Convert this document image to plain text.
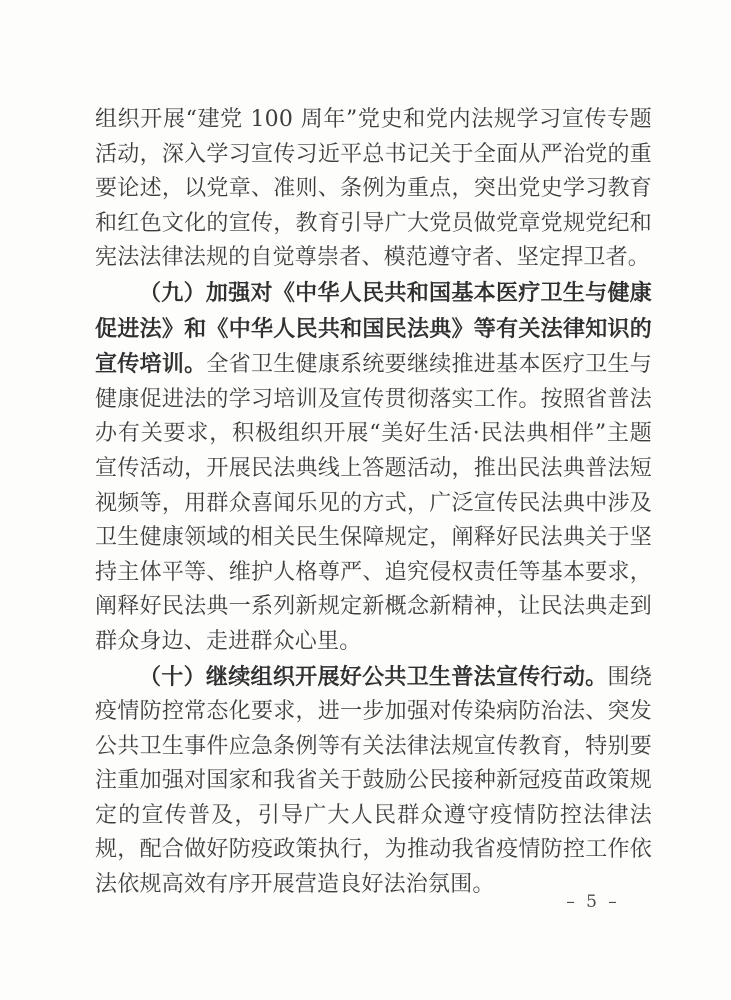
组织开展“建党 100 周年”党史和党内法规学习宣传专题活动，深入学习宣传习近平总书记关于全面从严治党的重要论述，以党章、准则、条例为重点，突出党史学习教育和红色文化的宣传，教育引导广大党员做党章党规党纪和宪法法律法规的自觉尊崇者、模范遵守者、坚定捍卫者。

（九）加强对《中华人民共和国基本医疗卫生与健康促进法》和《中华人民共和国民法典》等有关法律知识的宣传培训。全省卫生健康系统要继续推进基本医疗卫生与健康促进法的学习培训及宣传贯彻落实工作。按照省普法办有关要求，积极组织开展“美好生活·民法典相伴”主题宣传活动，开展民法典线上答题活动，推出民法典普法短视频等，用群众喜闻乐见的方式，广泛宣传民法典中涉及卫生健康领域的相关民生保障规定，阐释好民法典关于坚持主体平等、维护人格尊严、追究侵权责任等基本要求，阐释好民法典一系列新规定新概念新精神，让民法典走到群众身边、走进群众心里。

（十）继续组织开展好公共卫生普法宣传行动。围绕疫情防控常态化要求，进一步加强对传染病防治法、突发公共卫生事件应急条例等有关法律法规宣传教育，特别要注重加强对国家和我省关于鼓励公民接种新冠疫苗政策规定的宣传普及，引导广大人民群众遵守疫情防控法律法规，配合做好防疫政策执行，为推动我省疫情防控工作依法依规高效有序开展营造良好法治氛围。

– 5 –
